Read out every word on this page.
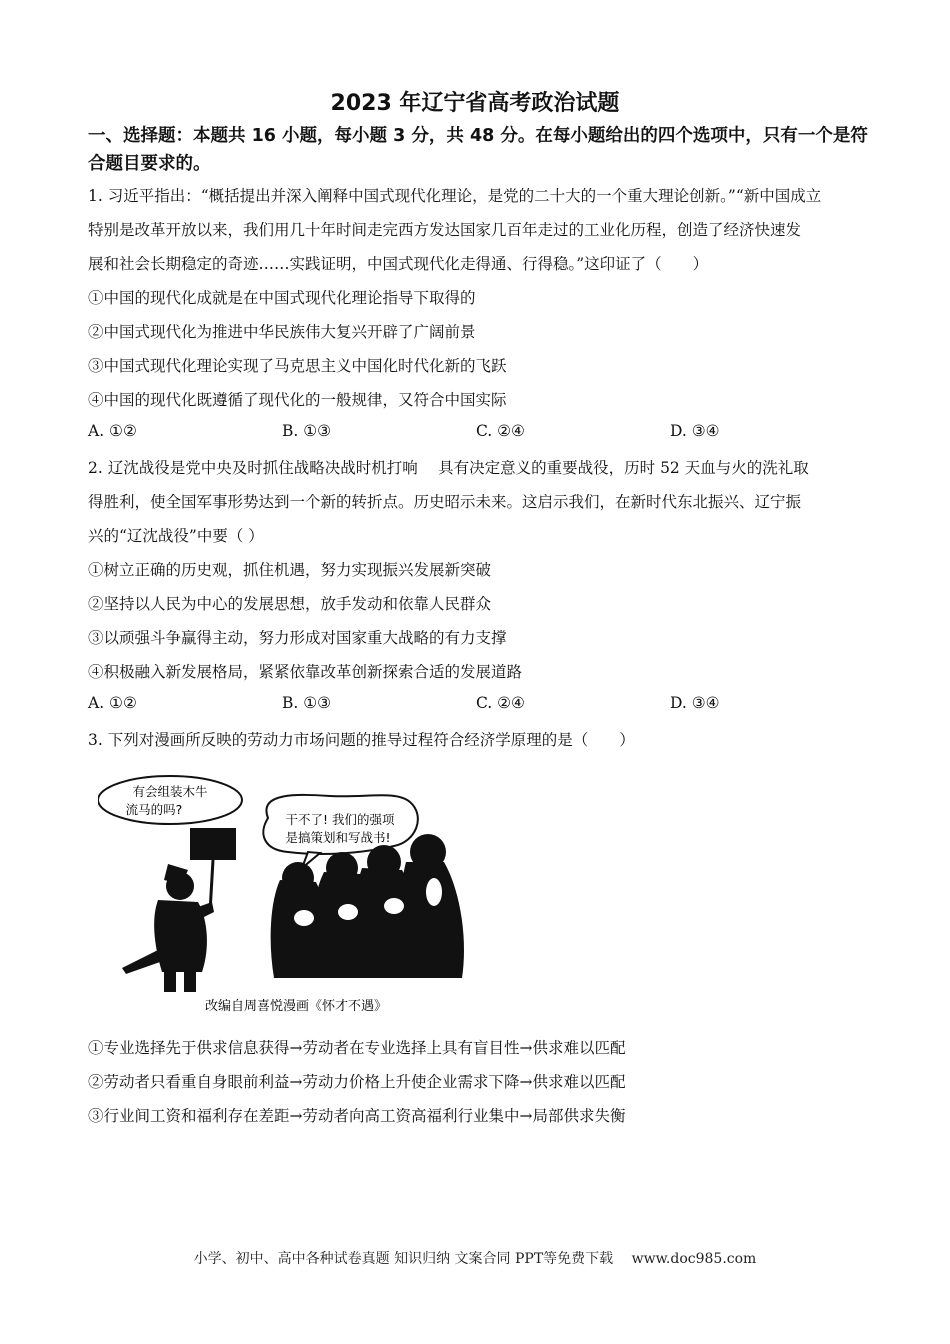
2023 年辽宁省高考政治试题
一、选择题：本题共 16 小题，每小题 3 分，共 48 分。在每小题给出的四个选项中，只有一个是符合题目要求的。
1. 习近平指出：“概括提出并深入阐释中国式现代化理论，是党的二十大的一个重大理论创新。”“新中国成立
特别是改革开放以来，我们用几十年时间走完西方发达国家几百年走过的工业化历程，创造了经济快速发
展和社会长期稳定的奇迹……实践证明，中国式现代化走得通、行得稳。”这印证了（　　）
①中国的现代化成就是在中国式现代化理论指导下取得的
②中国式现代化为推进中华民族伟大复兴开辟了广阔前景
③中国式现代化理论实现了马克思主义中国化时代化新的飞跃
④中国的现代化既遵循了现代化的一般规律，又符合中国实际
A. ①②	B. ①③	C. ②④	D. ③④
2. 辽沈战役是党中央及时抓住战略决战时机打响　 具有决定意义的重要战役，历时 52 天血与火的洗礼取
得胜利，使全国军事形势达到一个新的转折点。历史昭示未来。这启示我们，在新时代东北振兴、辽宁振
兴的“辽沈战役”中要（ ）
①树立正确的历史观，抓住机遇，努力实现振兴发展新突破
②坚持以人民为中心的发展思想，放手发动和依靠人民群众
③以顽强斗争赢得主动，努力形成对国家重大战略的有力支撑
④积极融入新发展格局，紧紧依靠改革创新探索合适的发展道路
A. ①②	B. ①③	C. ②④	D. ③④
3. 下列对漫画所反映的劳动力市场问题的推导过程符合经济学原理的是（　　）
有会组装木牛
流马的吗?
干不了! 我们的强项
是搞策划和写战书!
改编自周喜悦漫画《怀才不遇》
①专业选择先于供求信息获得→劳动者在专业选择上具有盲目性→供求难以匹配
②劳动者只看重自身眼前利益→劳动力价格上升使企业需求下降→供求难以匹配
③行业间工资和福利存在差距→劳动者向高工资高福利行业集中→局部供求失衡
小学、初中、高中各种试卷真题 知识归纳 文案合同 PPT等免费下载　 www.doc985.com
